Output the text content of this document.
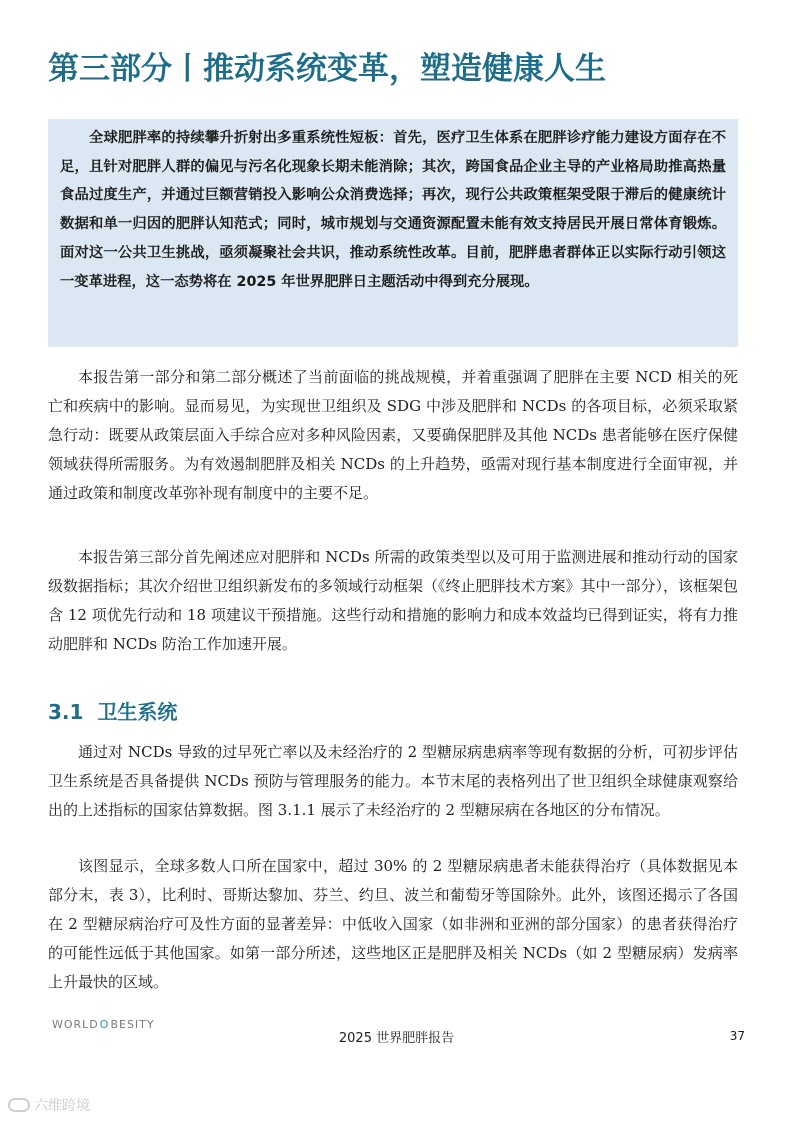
第三部分丨推动系统变革，塑造健康人生

全球肥胖率的持续攀升折射出多重系统性短板：首先，医疗卫生体系在肥胖诊疗能力建设方面存在不足，且针对肥胖人群的偏见与污名化现象长期未能消除；其次，跨国食品企业主导的产业格局助推高热量食品过度生产，并通过巨额营销投入影响公众消费选择；再次，现行公共政策框架受限于滞后的健康统计数据和单一归因的肥胖认知范式；同时，城市规划与交通资源配置未能有效支持居民开展日常体育锻炼。面对这一公共卫生挑战，亟须凝聚社会共识，推动系统性改革。目前，肥胖患者群体正以实际行动引领这一变革进程，这一态势将在 2025 年世界肥胖日主题活动中得到充分展现。

本报告第一部分和第二部分概述了当前面临的挑战规模，并着重强调了肥胖在主要 NCD 相关的死亡和疾病中的影响。显而易见，为实现世卫组织及 SDG 中涉及肥胖和 NCDs 的各项目标，必须采取紧急行动：既要从政策层面入手综合应对多种风险因素，又要确保肥胖及其他 NCDs 患者能够在医疗保健领域获得所需服务。为有效遏制肥胖及相关 NCDs 的上升趋势，亟需对现行基本制度进行全面审视，并通过政策和制度改革弥补现有制度中的主要不足。

本报告第三部分首先阐述应对肥胖和 NCDs 所需的政策类型以及可用于监测进展和推动行动的国家级数据指标；其次介绍世卫组织新发布的多领域行动框架（《终止肥胖技术方案》其中一部分），该框架包含 12 项优先行动和 18 项建议干预措施。这些行动和措施的影响力和成本效益均已得到证实，将有力推动肥胖和 NCDs 防治工作加速开展。

3.1 卫生系统

通过对 NCDs 导致的过早死亡率以及未经治疗的 2 型糖尿病患病率等现有数据的分析，可初步评估卫生系统是否具备提供 NCDs 预防与管理服务的能力。本节末尾的表格列出了世卫组织全球健康观察给出的上述指标的国家估算数据。图 3.1.1 展示了未经治疗的 2 型糖尿病在各地区的分布情况。

该图显示，全球多数人口所在国家中，超过 30% 的 2 型糖尿病患者未能获得治疗（具体数据见本部分末，表 3），比利时、哥斯达黎加、芬兰、约旦、波兰和葡萄牙等国除外。此外，该图还揭示了各国在 2 型糖尿病治疗可及性方面的显著差异：中低收入国家（如非洲和亚洲的部分国家）的患者获得治疗的可能性远低于其他国家。如第一部分所述，这些地区正是肥胖及相关 NCDs（如 2 型糖尿病）发病率上升最快的区域。

WORLD O BESITY
2025 世界肥胖报告	37
六维跨境
